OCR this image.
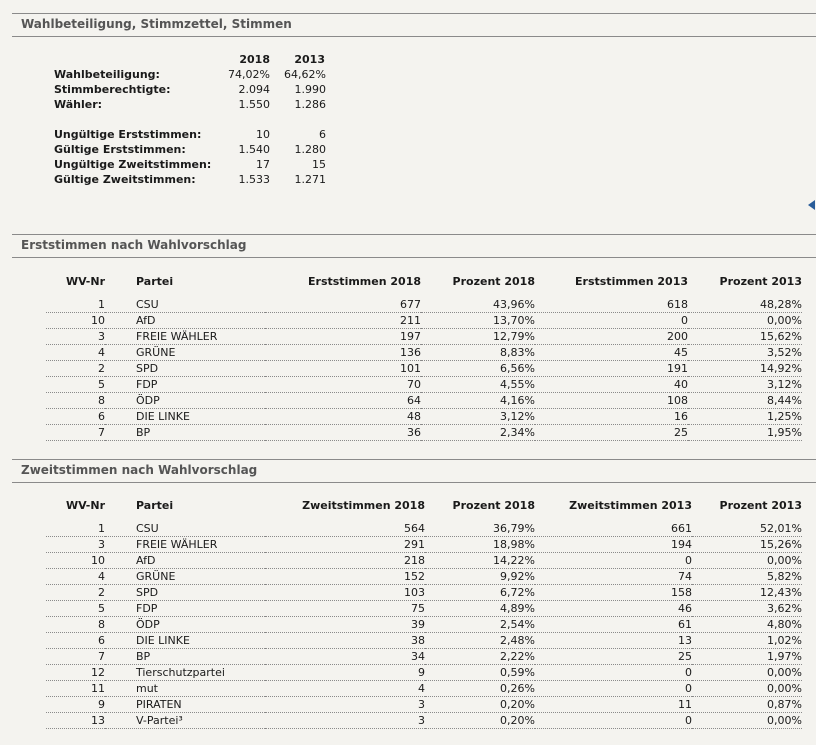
Wahlbeteiligung, Stimmzettel, Stimmen
	2018	2013
Wahlbeteiligung:	74,02%	64,62%
Stimmberechtigte:	2.094	1.990
Wähler:	1.550	1.286

Ungültige Erststimmen:	10	6
Gültige Erststimmen:	1.540	1.280
Ungültige Zweitstimmen:	17	15
Gültige Zweitstimmen:	1.533	1.271
Erststimmen nach Wahlvorschlag
WV-Nr	Partei	Erststimmen 2018	Prozent 2018	Erststimmen 2013	Prozent 2013
1	CSU	677	43,96%	618	48,28%
10	AfD	211	13,70%	0	0,00%
3	FREIE WÄHLER	197	12,79%	200	15,62%
4	GRÜNE	136	8,83%	45	3,52%
2	SPD	101	6,56%	191	14,92%
5	FDP	70	4,55%	40	3,12%
8	ÖDP	64	4,16%	108	8,44%
6	DIE LINKE	48	3,12%	16	1,25%
7	BP	36	2,34%	25	1,95%
Zweitstimmen nach Wahlvorschlag
WV-Nr	Partei	Zweitstimmen 2018	Prozent 2018	Zweitstimmen 2013	Prozent 2013
1	CSU	564	36,79%	661	52,01%
3	FREIE WÄHLER	291	18,98%	194	15,26%
10	AfD	218	14,22%	0	0,00%
4	GRÜNE	152	9,92%	74	5,82%
2	SPD	103	6,72%	158	12,43%
5	FDP	75	4,89%	46	3,62%
8	ÖDP	39	2,54%	61	4,80%
6	DIE LINKE	38	2,48%	13	1,02%
7	BP	34	2,22%	25	1,97%
12	Tierschutzpartei	9	0,59%	0	0,00%
11	mut	4	0,26%	0	0,00%
9	PIRATEN	3	0,20%	11	0,87%
13	V-Partei³	3	0,20%	0	0,00%
